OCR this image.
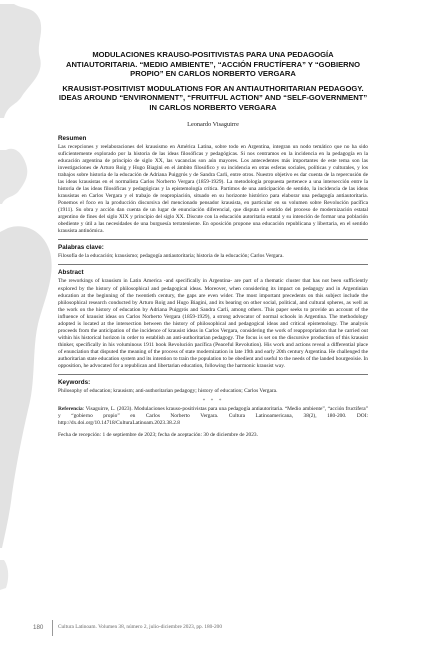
MODULACIONES KRAUSO-POSITIVISTAS PARA UNA PEDAGOGÍA ANTIAUTORITARIA. “MEDIO AMBIENTE”, “ACCIÓN FRUCTÍFERA” Y “GOBIERNO PROPIO” EN CARLOS NORBERTO VERGARA
KRAUSIST-POSITIVIST MODULATIONS FOR AN ANTIAUTHORITARIAN PEDAGOGY. IDEAS AROUND “ENVIRONMENT”, “FRUITFUL ACTION” AND “SELF-GOVERNMENT” IN CARLOS NORBERTO VERGARA
Leonardo Visaguirre
Resumen

Las recepciones y reelaboraciones del krausismo en América Latina, sobre todo en Argentina, integran un nodo temático que no ha sido suficientemente explorado por la historia de las ideas filosóficas y pedagógicas. Si nos centramos en la incidencia en la pedagogía en la educación argentina de principio de siglo XX, las vacancias son aún mayores. Los antecedentes más importantes de este tema son las investigaciones de Arturo Roig y Hugo Biagini en el ámbito filosófico y su incidencia en otras esferas sociales, políticas y culturales, y los trabajos sobre historia de la educación de Adriana Puiggrós y de Sandra Carli, entre otros. Nuestro objetivo es dar cuenta de la repercusión de las ideas krausistas en el normalista Carlos Norberto Vergara (1859-1929). La metodología propuesta pertenece a una intersección entre la historia de las ideas filosóficas y pedagógicas y la epistemología crítica. Partimos de una anticipación de sentido, la incidencia de las ideas krausistas en Carlos Vergara y el trabajo de reapropiación, situado en su horizonte histórico para elaborar una pedagogía antiautoritaria. Ponemos el foco en la producción discursiva del mencionado pensador krausista, en particular en su volumen sobre Revolución pacífica (1911). Su obra y acción dan cuenta de un lugar de enunciación diferencial, que disputa el sentido del proceso de modernización estatal argentino de fines del siglo XIX y principio del siglo XX. Discute con la educación autoritaria estatal y su intención de formar una población obediente y útil a las necesidades de una burguesía terrateniente. En oposición propone una educación republicana y libertaria, en el sentido krausista antinómica.

Palabras clave:

Filosofía de la educación; krausismo; pedagogía antiautoritaria; historia de la educación; Carlos Vergara.

Abstract

The reworkings of krausism in Latin America -and specifically in Argentina- are part of a thematic cluster that has not been sufficiently explored by the history of philosophical and pedagogical ideas. Moreover, when considering its impact on pedagogy and in Argentinian education at the beginning of the twentieth century, the gaps are even wider. The most important precedents on this subject include the philosophical research conducted by Arturo Roig and Hugo Biagini, and its bearing on other social, political, and cultural spheres, as well as the work on the history of education by Adriana Puiggrós and Sandra Carli, among others. This paper seeks to provide an account of the influence of krausist ideas on Carlos Norberto Vergara (1859-1929), a strong advocator of normal schools in Argentina. The methodology adopted is located at the intersection between the history of philosophical and pedagogical ideas and critical epistemology. The analysis proceeds from the anticipation of the incidence of krausist ideas in Carlos Vergara, considering the work of reappropriation that he carried out within his historical horizon in order to establish an anti-authoritarian pedagogy. The focus is set on the discursive production of this krausist thinker, specifically in his voluminous 1911 book Revolución pacífica (Peaceful Revolution). His work and actions reveal a differential place of enunciation that disputed the meaning of the process of state modernization in late 19th and early 20th century Argentina. He challenged the authoritarian state education system and its intention to train the population to be obedient and useful to the needs of the landed bourgeoisie. In opposition, he advocated for a republican and libertarian education, following the harmonic krausist way.

Keywords:

Philosophy of education; krausism; anti-authoritarian pedagogy; history of education; Carlos Vergara.

* * *

Referencia: Visaguirre, L. (2023). Modulaciones krauso-positivistas para una pedagogía antiautoritaria. “Medio ambiente”, “acción fructífera” y “gobierno propio” en Carlos Norberto Vergara. Cultura Latinoamericana, 38(2), 180-200. DOI: http://dx.doi.org/10.14718/CulturaLatinoam.2023.38.2.8

Fecha de recepción: 1 de septiembre de 2023; fecha de aceptación: 30 de diciembre de 2023.

180	Cultura Latinoam. Volumen 38, número 2, julio-diciembre 2023, pp. 180-200
